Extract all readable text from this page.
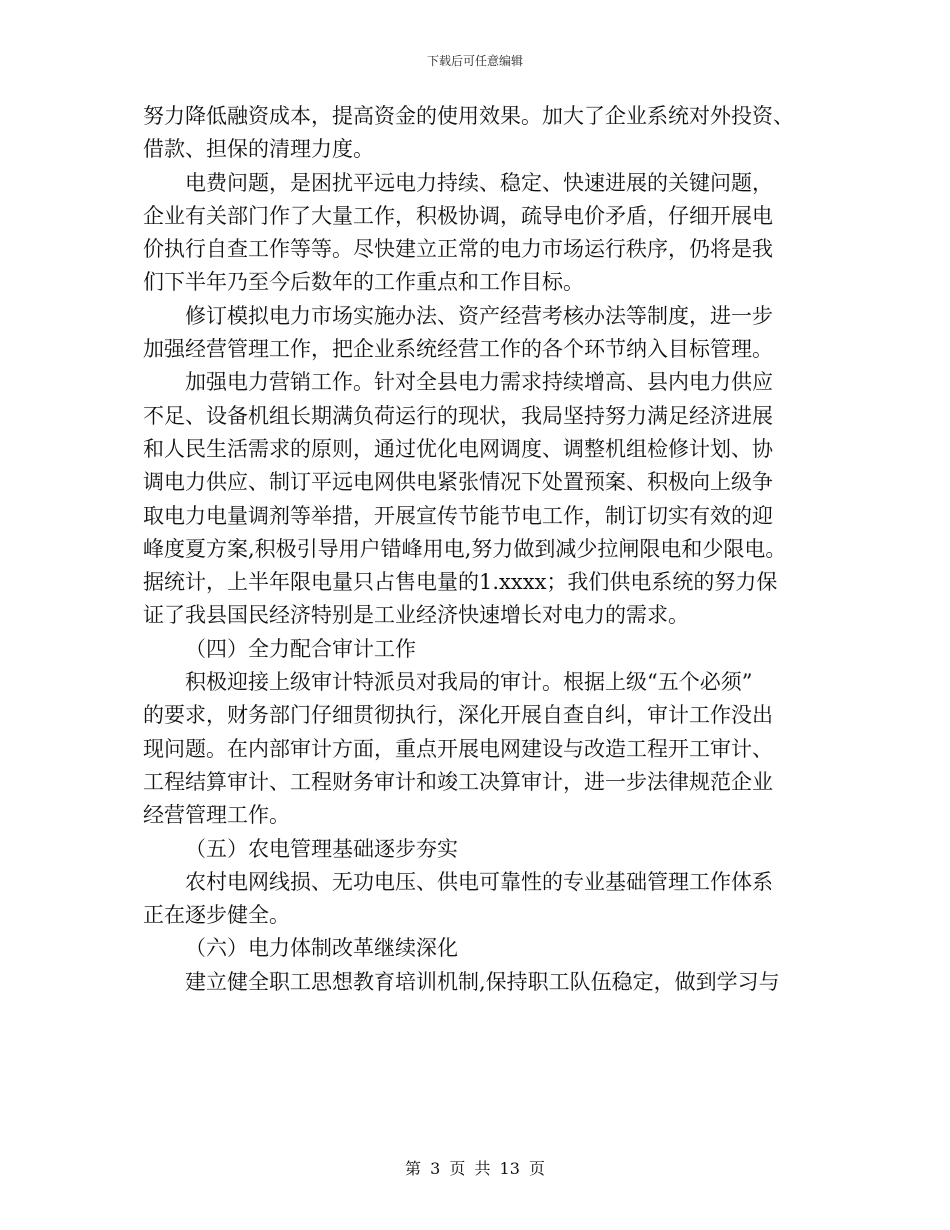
下载后可任意编辑
努力降低融资成本，提高资金的使用效果。加大了企业系统对外投资、
借款、担保的清理力度。
电费问题，是困扰平远电力持续、稳定、快速进展的关键问题，
企业有关部门作了大量工作，积极协调，疏导电价矛盾，仔细开展电
价执行自查工作等等。尽快建立正常的电力市场运行秩序，仍将是我
们下半年乃至今后数年的工作重点和工作目标。
修订模拟电力市场实施办法、资产经营考核办法等制度，进一步
加强经营管理工作，把企业系统经营工作的各个环节纳入目标管理。
加强电力营销工作。针对全县电力需求持续增高、县内电力供应
不足、设备机组长期满负荷运行的现状，我局坚持努力满足经济进展
和人民生活需求的原则，通过优化电网调度、调整机组检修计划、协
调电力供应、制订平远电网供电紧张情况下处置预案、积极向上级争
取电力电量调剂等举措，开展宣传节能节电工作，制订切实有效的迎
峰度夏方案,积极引导用户错峰用电,努力做到减少拉闸限电和少限电。
据统计，上半年限电量只占售电量的1.xxxx；我们供电系统的努力保
证了我县国民经济特别是工业经济快速增长对电力的需求。
（四）全力配合审计工作
积极迎接上级审计特派员对我局的审计。根据上级“五个必须”
的要求，财务部门仔细贯彻执行，深化开展自查自纠，审计工作没出
现问题。在内部审计方面，重点开展电网建设与改造工程开工审计、
工程结算审计、工程财务审计和竣工决算审计，进一步法律规范企业
经营管理工作。
（五）农电管理基础逐步夯实
农村电网线损、无功电压、供电可靠性的专业基础管理工作体系
正在逐步健全。
（六）电力体制改革继续深化
建立健全职工思想教育培训机制,保持职工队伍稳定，做到学习与
第 3 页 共 13 页
